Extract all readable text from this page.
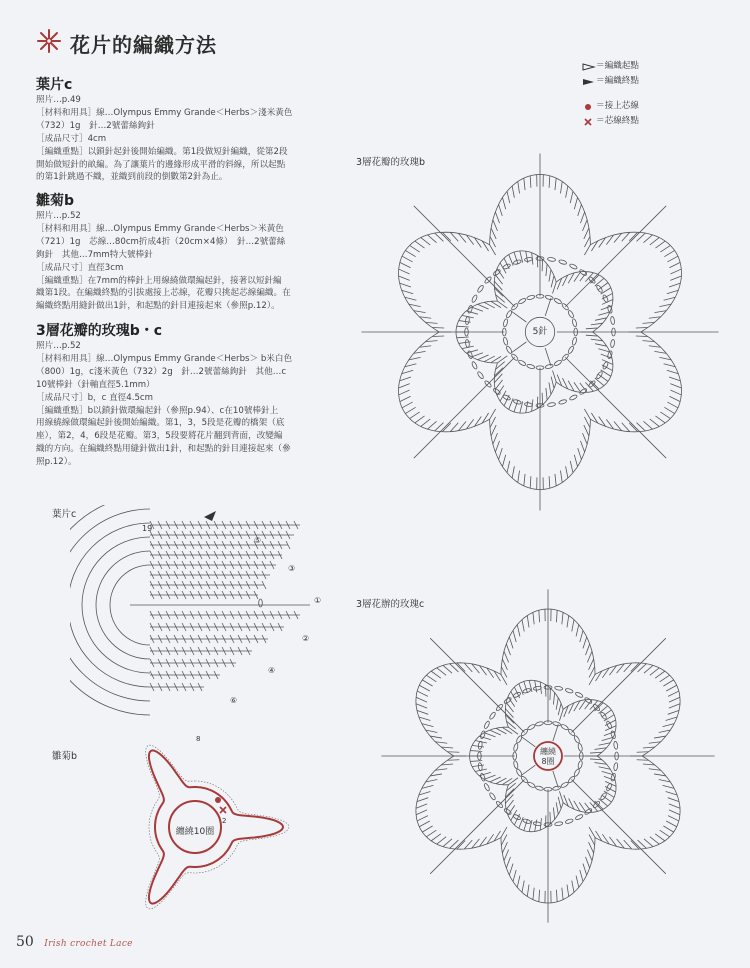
花片的編織方法
＝編織起點
＝編織終點
＝接上芯線
＝芯線終點
葉片c
照片…p.49
［材料和用具］線…Olympus Emmy Grande＜Herbs＞淺米黃色
（732）1g　針…2號蕾絲鉤針
［成品尺寸］4cm
［編織重點］以鎖針起針後開始編織。第1段做短針編織，從第2段
開始做短針的畝編。為了讓葉片的邊緣形成平滑的斜線，所以起點
的第1針跳過不織，並織到前段的倒數第2針為止。
雛菊b
照片…p.52
［材料和用具］線…Olympus Emmy Grande＜Herbs＞米黃色
（721）1g　芯線…80cm折成4折（20cm×4條）　針…2號蕾絲
鉤針　其他…7mm特大號棒針
［成品尺寸］直徑3cm
［編織重點］在7mm的棒針上用線繞做環編起針，接著以短針編
織第1段。在編織終點的引拔處接上芯線，花瓣只挑起芯線編織。在
編織終點用縫針做出1針，和起點的針目連接起來（參照p.12）。
3層花瓣的玫瑰b・c
照片…p.52
［材料和用具］線…Olympus Emmy Grande＜Herbs＞ b米白色
（800）1g，c淺米黃色（732）2g　針…2號蕾絲鉤針　其他…c
10號棒針（針軸直徑5.1mm）
［成品尺寸］b，c 直徑4.5cm
［編織重點］b以鎖針做環編起針（參照p.94）、c在10號棒針上
用線繞線做環編起針後開始編織。第1，3，5段是花瓣的橋架（底
座），第2，4，6段是花瓣。第3，5段要將花片翻到背面，改變編
織的方向。在編織終點用縫針做出1針，和起點的針目連接起來（參
照p.12）。
3層花瓣的玫瑰b
5針
3層花辦的玫瑰c
纏繞
8圈
葉片c
19
⑤
③
①
②
④
⑥
雛菊b
纏繞10圈
8
2
50 Irish crochet Lace
